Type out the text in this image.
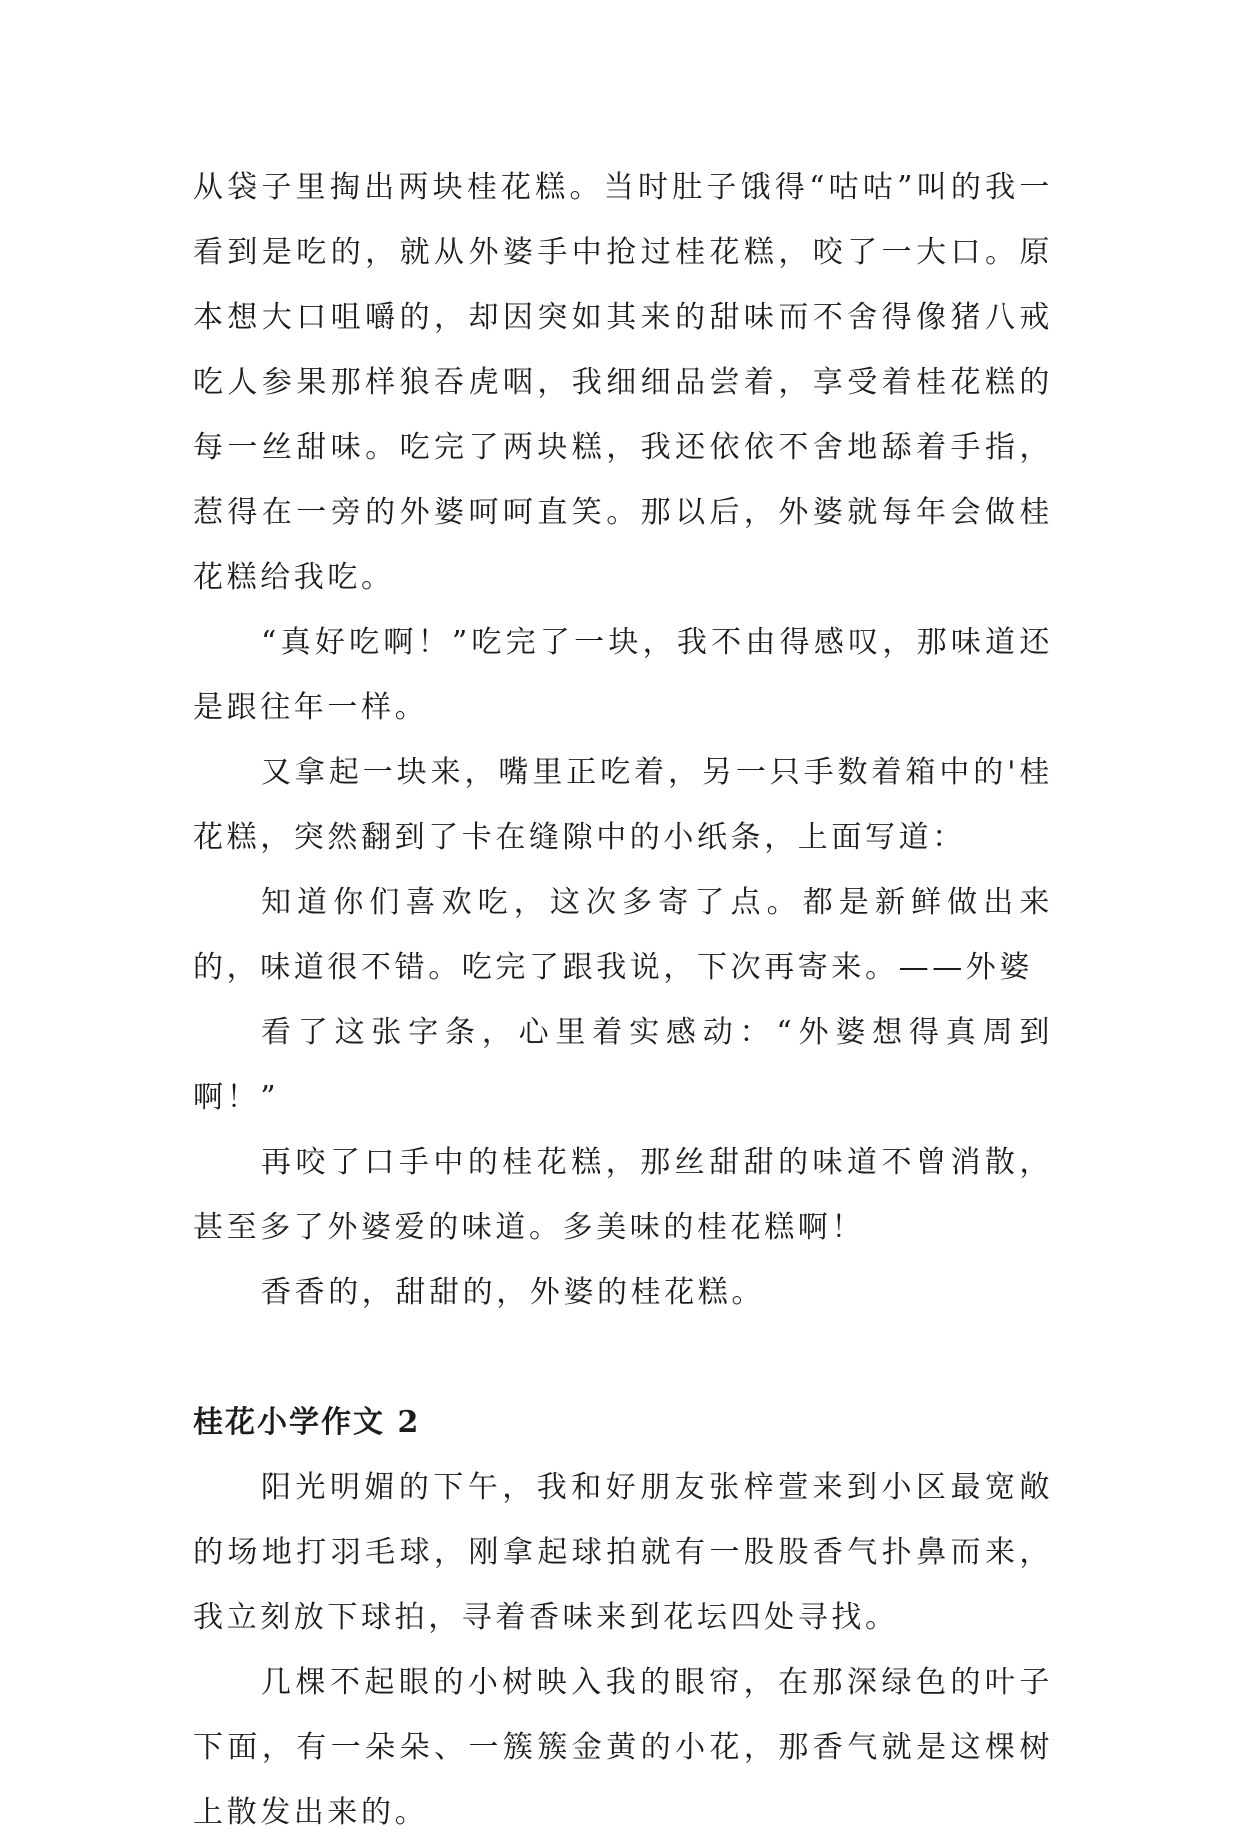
从袋子里掏出两块桂花糕。当时肚子饿得“咕咕”叫的我一看到是吃的，就从外婆手中抢过桂花糕，咬了一大口。原本想大口咀嚼的，却因突如其来的甜味而不舍得像猪八戒吃人参果那样狼吞虎咽，我细细品尝着，享受着桂花糕的每一丝甜味。吃完了两块糕，我还依依不舍地舔着手指，惹得在一旁的外婆呵呵直笑。那以后，外婆就每年会做桂花糕给我吃。

“真好吃啊！”吃完了一块，我不由得感叹，那味道还是跟往年一样。

又拿起一块来，嘴里正吃着，另一只手数着箱中的'桂花糕，突然翻到了卡在缝隙中的小纸条，上面写道：

知道你们喜欢吃，这次多寄了点。都是新鲜做出来的，味道很不错。吃完了跟我说，下次再寄来。——外婆

看了这张字条，心里着实感动：“外婆想得真周到啊！”

再咬了口手中的桂花糕，那丝甜甜的味道不曾消散，甚至多了外婆爱的味道。多美味的桂花糕啊！

香香的，甜甜的，外婆的桂花糕。

桂花小学作文 2

阳光明媚的下午，我和好朋友张梓萱来到小区最宽敞的场地打羽毛球，刚拿起球拍就有一股股香气扑鼻而来，我立刻放下球拍，寻着香味来到花坛四处寻找。

几棵不起眼的小树映入我的眼帘，在那深绿色的叶子下面，有一朵朵、一簇簇金黄的小花，那香气就是这棵树上散发出来的。
